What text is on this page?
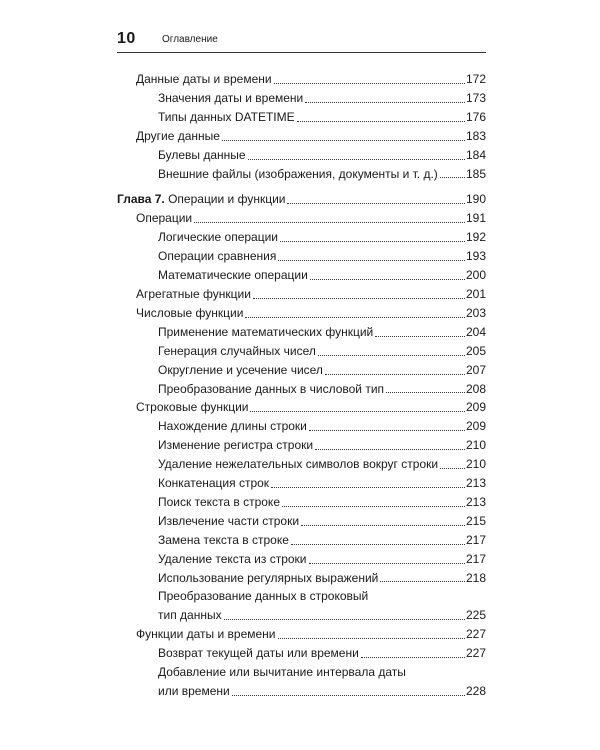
10	Оглавление
Данные даты и времени	172
Значения даты и времени	173
Типы данных DATETIME	176
Другие данные	183
Булевы данные	184
Внешние файлы (изображения, документы и т. д.) 185
Глава 7. Операции и функции	190
Операции	191
Логические операции	192
Операции сравнения	193
Математические операции	200
Агрегатные функции	201
Числовые функции	203
Применение математических функций	204
Генерация случайных чисел	205
Округление и усечение чисел	207
Преобразование данных в числовой тип	208
Строковые функции	209
Нахождение длины строки	209
Изменение регистра строки	210
Удаление нежелательных символов вокруг строки 210
Конкатенация строк	213
Поиск текста в строке	213
Извлечение части строки	215
Замена текста в строке	217
Удаление текста из строки	217
Использование регулярных выражений	218
Преобразование данных в строковый
тип данных	225
Функции даты и времени	227
Возврат текущей даты или времени	227
Добавление или вычитание интервала даты
или времени	228
